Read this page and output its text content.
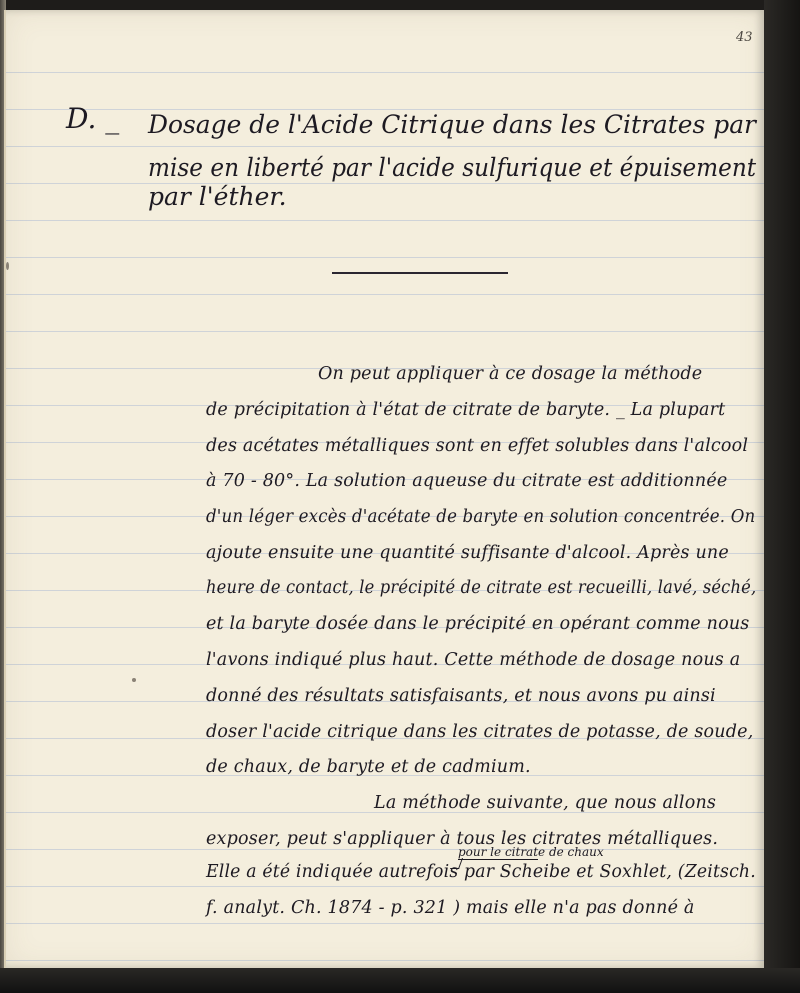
43
D. _ Dosage de l'Acide Citrique dans les Citrates par
mise en liberté par l'acide sulfurique et épuisement
par l'éther.
On peut appliquer à ce dosage la méthode
de précipitation à l'état de citrate de baryte. _ La plupart
des acétates métalliques sont en effet solubles dans l'alcool
à 70 - 80°. La solution aqueuse du citrate est additionnée
d'un léger excès d'acétate de baryte en solution concentrée. On
ajoute ensuite une quantité suffisante d'alcool. Après une
heure de contact, le précipité de citrate est recueilli, lavé, séché,
et la baryte dosée dans le précipité en opérant comme nous
l'avons indiqué plus haut. Cette méthode de dosage nous a
donné des résultats satisfaisants, et nous avons pu ainsi
doser l'acide citrique dans les citrates de potasse, de soude,
de chaux, de baryte et de cadmium.
La méthode suivante, que nous allons
exposer, peut s'appliquer à tous les citrates métalliques.
pour le citrate de chaux
Elle a été indiquée autrefois par Scheibe et Soxhlet, (Zeitsch.
f. analyt. Ch. 1874 - p. 321 ) mais elle n'a pas donné à
